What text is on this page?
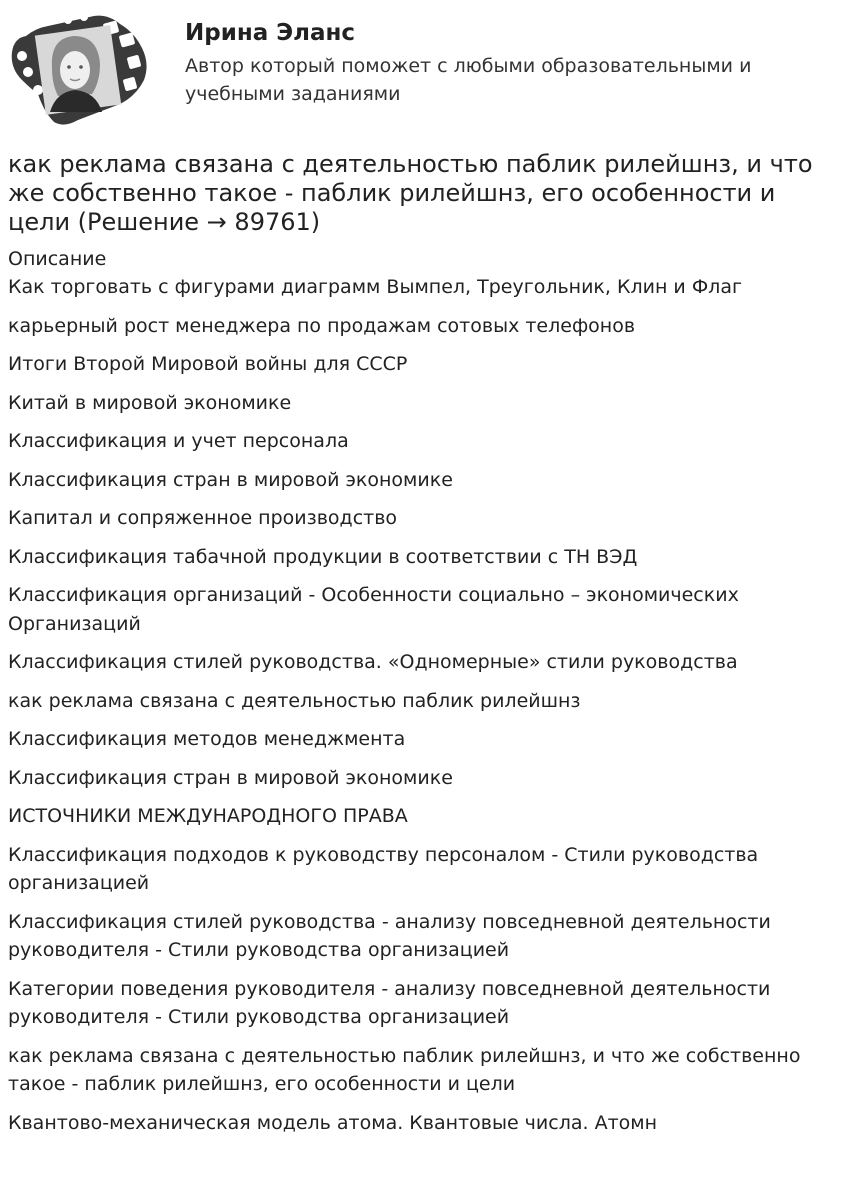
Ирина Эланс

Автор который поможет с любыми образовательными и учебными заданиями

как реклама связана с деятельностью паблик рилейшнз, и что же собственно такое - паблик рилейшнз, его особенности и цели (Решение → 89761)
Описание
Как торговать с фигурами диаграмм Вымпел, Треугольник, Клин и Флаг
карьерный рост менеджера по продажам сотовых телефонов
Итоги Второй Мировой войны для СССР
Китай в мировой экономике
Классификация и учет персонала
Классификация стран в мировой экономике
Капитал и сопряженное производство
Классификация табачной продукции в соответствии с ТН ВЭД
Классификация организаций - Особенности социально – экономических Организаций
Классификация стилей руководства. «Одномерные» стили руководства
как реклама связана с деятельностью паблик рилейшнз
Классификация методов менеджмента
Классификация стран в мировой экономике
ИСТОЧНИКИ МЕЖДУНАРОДНОГО ПРАВА
Классификация подходов к руководству персоналом - Стили руководства организацией
Классификация стилей руководства - анализу повседневной деятельности руководителя - Стили руководства организацией
Категории поведения руководителя - анализу повседневной деятельности руководителя - Стили руководства организацией
как реклама связана с деятельностью паблик рилейшнз, и что же собственно такое - паблик рилейшнз, его особенности и цели
Квантово-механическая модель атома. Квантовые числа. Атомн
